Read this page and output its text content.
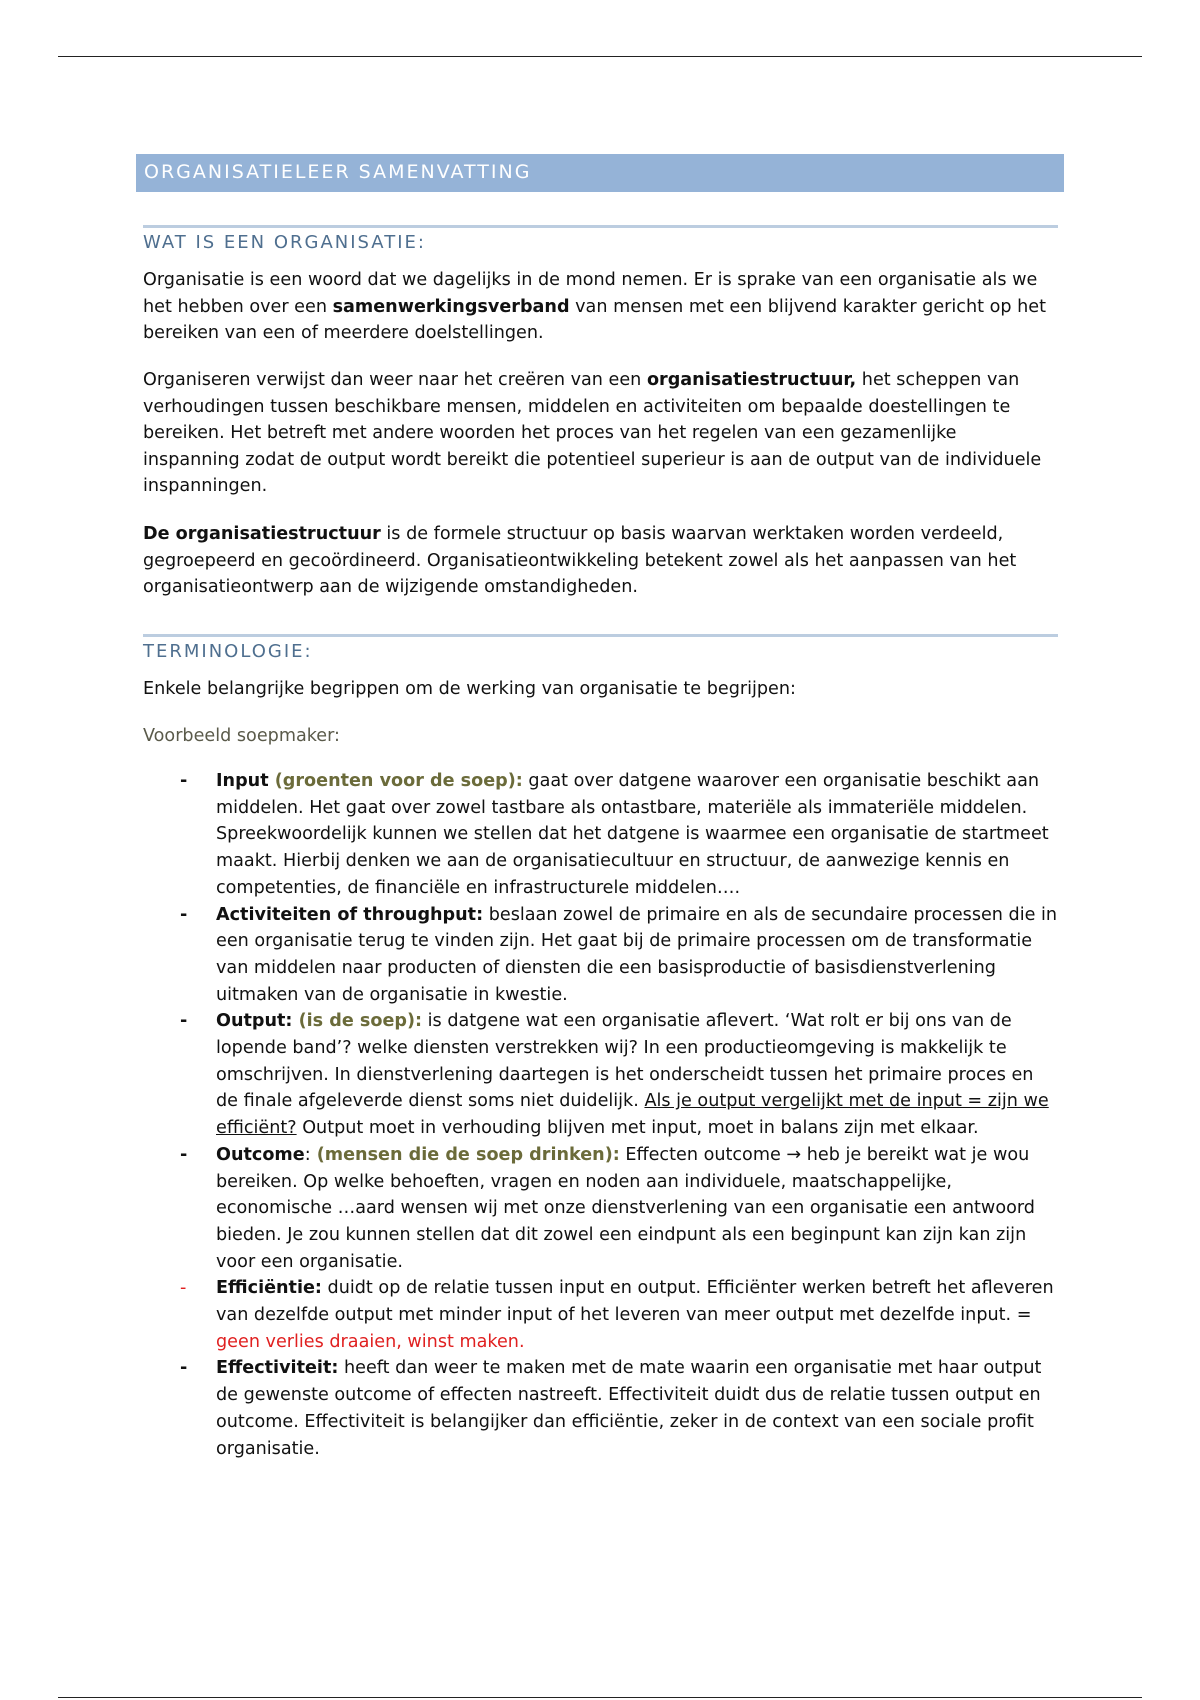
ORGANISATIELEER SAMENVATTING
WAT IS EEN ORGANISATIE:

Organisatie is een woord dat we dagelijks in de mond nemen. Er is sprake van een organisatie als we het hebben over een samenwerkingsverband van mensen met een blijvend karakter gericht op het bereiken van een of meerdere doelstellingen.

Organiseren verwijst dan weer naar het creëren van een organisatiestructuur, het scheppen van verhoudingen tussen beschikbare mensen, middelen en activiteiten om bepaalde doestellingen te bereiken. Het betreft met andere woorden het proces van het regelen van een gezamenlijke inspanning zodat de output wordt bereikt die potentieel superieur is aan de output van de individuele inspanningen.

De organisatiestructuur is de formele structuur op basis waarvan werktaken worden verdeeld, gegroepeerd en gecoördineerd. Organisatieontwikkeling betekent zowel als het aanpassen van het organisatieontwerp aan de wijzigende omstandigheden.

TERMINOLOGIE:

Enkele belangrijke begrippen om de werking van organisatie te begrijpen:

Voorbeeld soepmaker:

- Input (groenten voor de soep): gaat over datgene waarover een organisatie beschikt aan middelen. Het gaat over zowel tastbare als ontastbare, materiële als immateriële middelen. Spreekwoordelijk kunnen we stellen dat het datgene is waarmee een organisatie de startmeet maakt. Hierbij denken we aan de organisatiecultuur en structuur, de aanwezige kennis en competenties, de financiële en infrastructurele middelen….
- Activiteiten of throughput: beslaan zowel de primaire en als de secundaire processen die in een organisatie terug te vinden zijn. Het gaat bij de primaire processen om de transformatie van middelen naar producten of diensten die een basisproductie of basisdienstverlening uitmaken van de organisatie in kwestie.
- Output: (is de soep): is datgene wat een organisatie aflevert. ‘Wat rolt er bij ons van de lopende band’? welke diensten verstrekken wij? In een productieomgeving is makkelijk te omschrijven. In dienstverlening daartegen is het onderscheidt tussen het primaire proces en de finale afgeleverde dienst soms niet duidelijk. Als je output vergelijkt met de input = zijn we efficiënt? Output moet in verhouding blijven met input, moet in balans zijn met elkaar.
- Outcome: (mensen die de soep drinken): Effecten outcome → heb je bereikt wat je wou bereiken. Op welke behoeften, vragen en noden aan individuele, maatschappelijke, economische …aard wensen wij met onze dienstverlening van een organisatie een antwoord bieden. Je zou kunnen stellen dat dit zowel een eindpunt als een beginpunt kan zijn kan zijn voor een organisatie.
- Efficiëntie: duidt op de relatie tussen input en output. Efficiënter werken betreft het afleveren van dezelfde output met minder input of het leveren van meer output met dezelfde input. = geen verlies draaien, winst maken.
- Effectiviteit: heeft dan weer te maken met de mate waarin een organisatie met haar output de gewenste outcome of effecten nastreeft. Effectiviteit duidt dus de relatie tussen output en outcome. Effectiviteit is belangijker dan efficiëntie, zeker in de context van een sociale profit organisatie.
